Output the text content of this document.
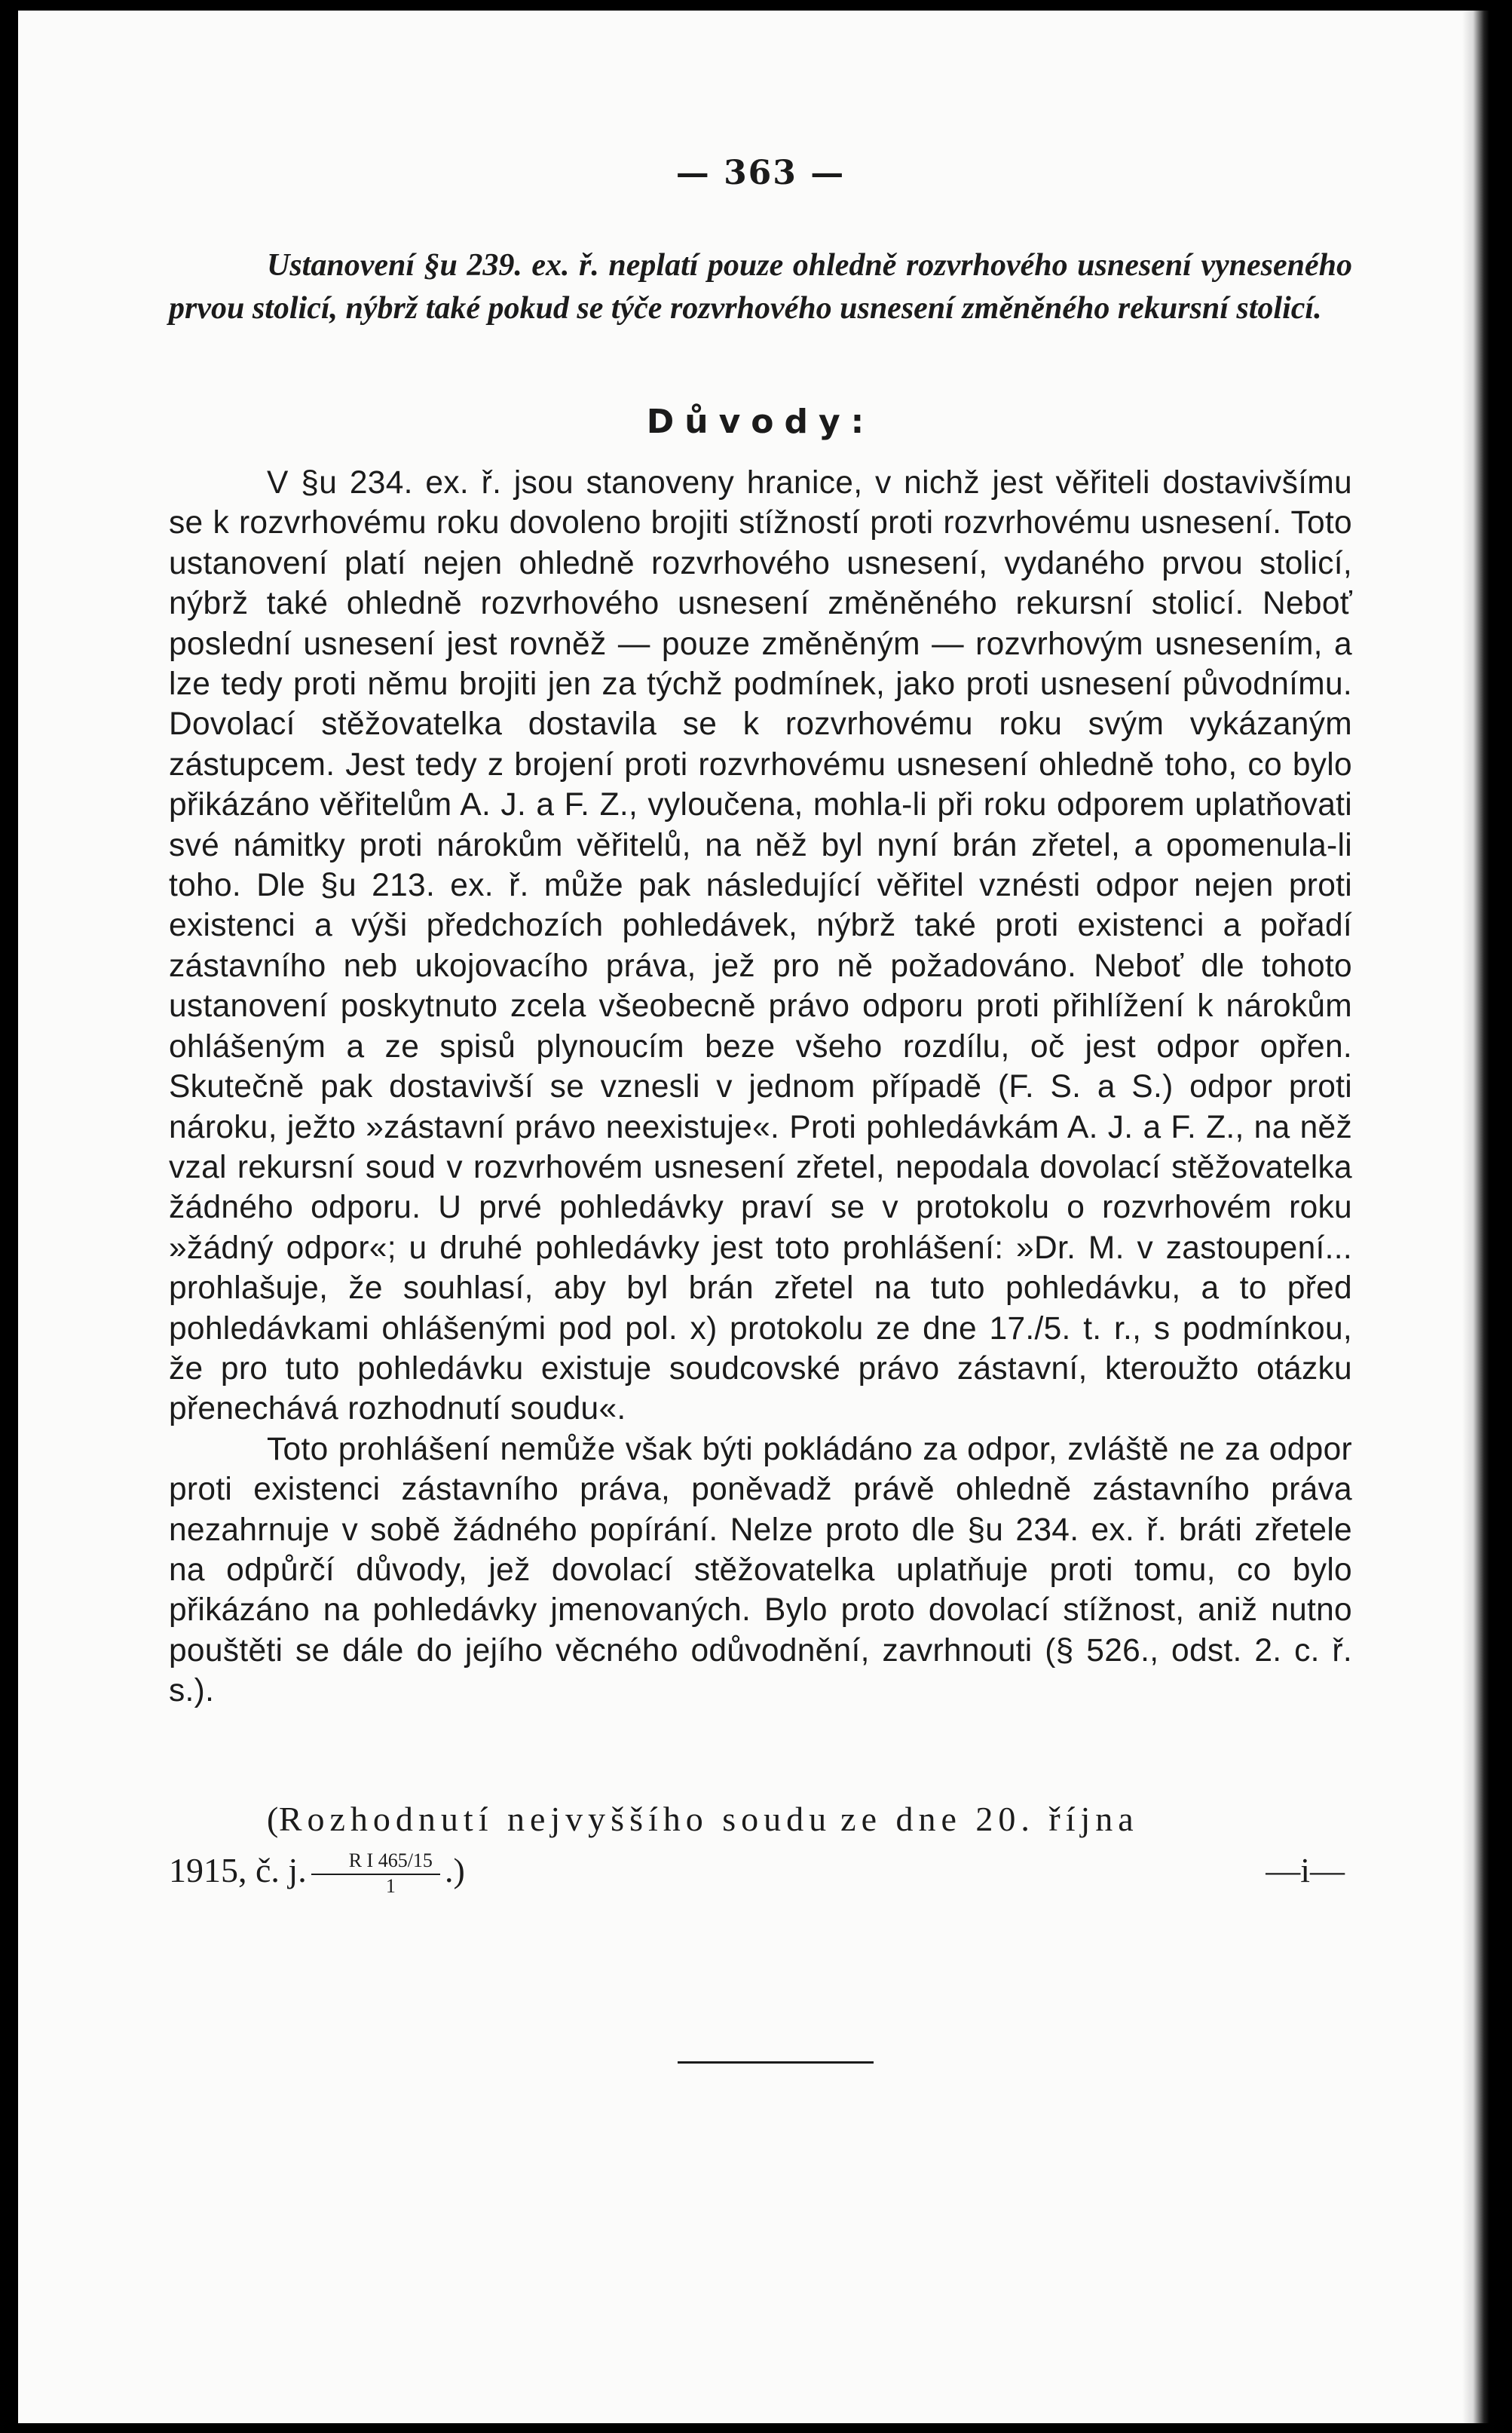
— 363 —
Ustanovení §u 239. ex. ř. neplatí pouze ohledně rozvrhového usnesení vyneseného prvou stolicí, nýbrž také pokud se týče rozvrhového usnesení změněného rekursní stolicí.
Důvody:

V §u 234. ex. ř. jsou stanoveny hranice, v nichž jest věřiteli dostavivšímu se k rozvrhovému roku dovoleno brojiti stížností proti rozvrhovému usnesení. Toto ustanovení platí nejen ohledně rozvrhového usnesení, vydaného prvou stolicí, nýbrž také ohledně rozvrhového usnesení změněného rekursní stolicí. Neboť poslední usnesení jest rovněž — pouze změněným — rozvrhovým usnesením, a lze tedy proti němu brojiti jen za týchž podmínek, jako proti usnesení původnímu. Dovolací stěžovatelka dostavila se k rozvrhovému roku svým vykázaným zástupcem. Jest tedy z brojení proti rozvrhovému usnesení ohledně toho, co bylo přikázáno věřitelům A. J. a F. Z., vyloučena, mohla-li při roku odporem uplatňovati své námitky proti nárokům věřitelů, na něž byl nyní brán zřetel, a opomenula-li toho. Dle §u 213. ex. ř. může pak následující věřitel vznésti odpor nejen proti existenci a výši předchozích pohledávek, nýbrž také proti existenci a pořadí zástavního neb ukojovacího práva, jež pro ně požadováno. Neboť dle tohoto ustanovení poskytnuto zcela všeobecně právo odporu proti přihlížení k nárokům ohlášeným a ze spisů plynoucím beze všeho rozdílu, oč jest odpor opřen. Skutečně pak dostavivší se vznesli v jednom případě (F. S. a S.) odpor proti nároku, ježto »zástavní právo neexistuje«. Proti pohledávkám A. J. a F. Z., na něž vzal rekursní soud v rozvrhovém usnesení zřetel, nepodala dovolací stěžovatelka žádného odporu. U prvé pohledávky praví se v protokolu o rozvrhovém roku »žádný odpor«; u druhé pohledávky jest toto prohlášení: »Dr. M. v zastoupení... prohlašuje, že souhlasí, aby byl brán zřetel na tuto pohledávku, a to před pohledávkami ohlášenými pod pol. x) protokolu ze dne 17./5. t. r., s podmínkou, že pro tuto pohledávku existuje soudcovské právo zástavní, kteroužto otázku přenechává rozhodnutí soudu«.

Toto prohlášení nemůže však býti pokládáno za odpor, zvláště ne za odpor proti existenci zástavního práva, poněvadž právě ohledně zástavního práva nezahrnuje v sobě žádného popírání. Nelze proto dle §u 234. ex. ř. bráti zřetele na odpůrčí důvody, jež dovolací stěžovatelka uplatňuje proti tomu, co bylo přikázáno na pohledávky jmenovaných. Bylo proto dovolací stížnost, aniž nutno pouštěti se dále do jejího věcného odůvodnění, zavrhnouti (§ 526., odst. 2. c. ř. s.).

(Rozhodnutí nejvyššího soudu ze dne 20. října
1915, č. j. $\frac{\text{R I 465/15}}{1}$ .)	—i—
